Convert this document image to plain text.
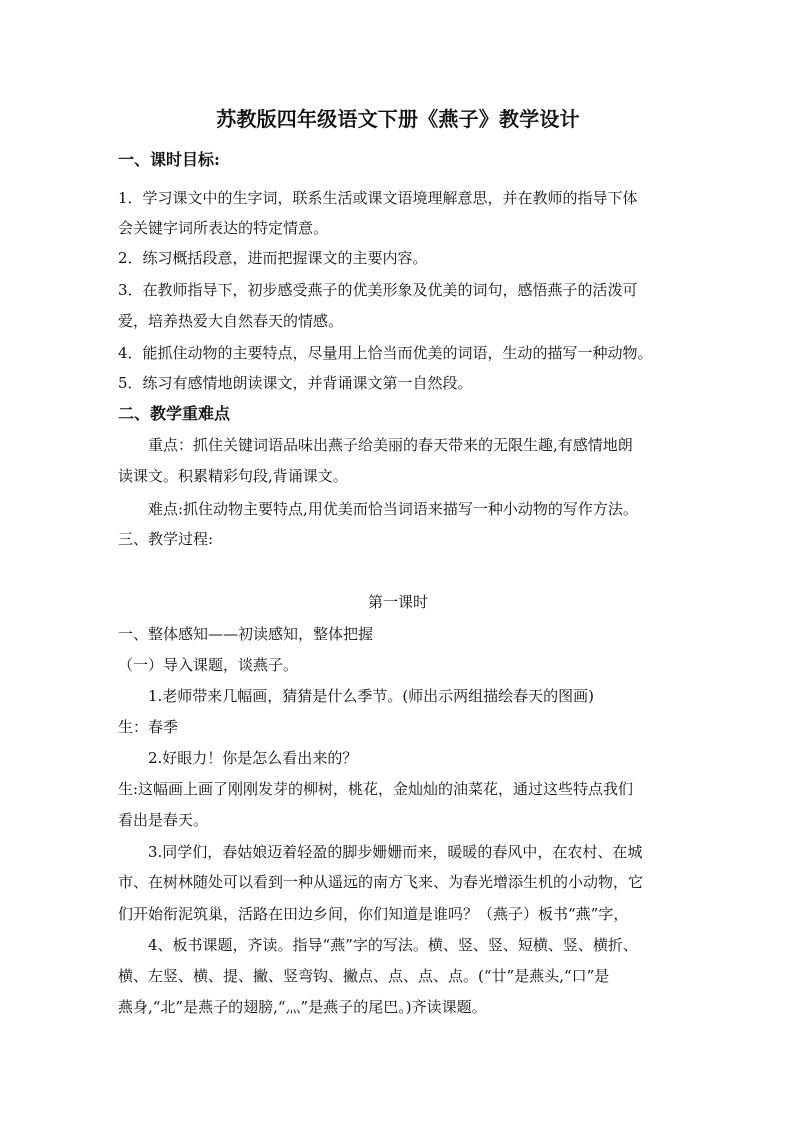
苏教版四年级语文下册《燕子》教学设计
一、课时目标:
1．学习课文中的生字词，联系生活或课文语境理解意思，并在教师的指导下体
会关键字词所表达的特定情意。
2．练习概括段意，进而把握课文的主要内容。
3．在教师指导下，初步感受燕子的优美形象及优美的词句，感悟燕子的活泼可
爱，培养热爱大自然春天的情感。
4．能抓住动物的主要特点，尽量用上恰当而优美的词语，生动的描写一种动物。
5．练习有感情地朗读课文，并背诵课文第一自然段。
二、教学重难点
重点：抓住关键词语品味出燕子给美丽的春天带来的无限生趣,有感情地朗
读课文。积累精彩句段,背诵课文。
难点:抓住动物主要特点,用优美而恰当词语来描写一种小动物的写作方法。
三、教学过程:
第一课时
一、整体感知——初读感知，整体把握
（一）导入课题，谈燕子。
1.老师带来几幅画，猜猜是什么季节。(师出示两组描绘春天的图画)
生：春季
2.好眼力！你是怎么看出来的？
生:这幅画上画了刚刚发芽的柳树，桃花，金灿灿的油菜花，通过这些特点我们
看出是春天。
3.同学们，春姑娘迈着轻盈的脚步姗姗而来，暖暖的春风中，在农村、在城
市、在树林随处可以看到一种从遥远的南方飞来、为春光增添生机的小动物，它
们开始衔泥筑巢，活路在田边乡间，你们知道是谁吗？（燕子）板书“燕”字，
4、板书课题，齐读。指导“燕”字的写法。横、竖、竖、短横、竖、横折、
横、左竖、横、提、撇、竖弯钩、撇点、点、点、点。(“廿”是燕头,“口”是
燕身,“北”是燕子的翅膀,“灬”是燕子的尾巴。)齐读课题。
